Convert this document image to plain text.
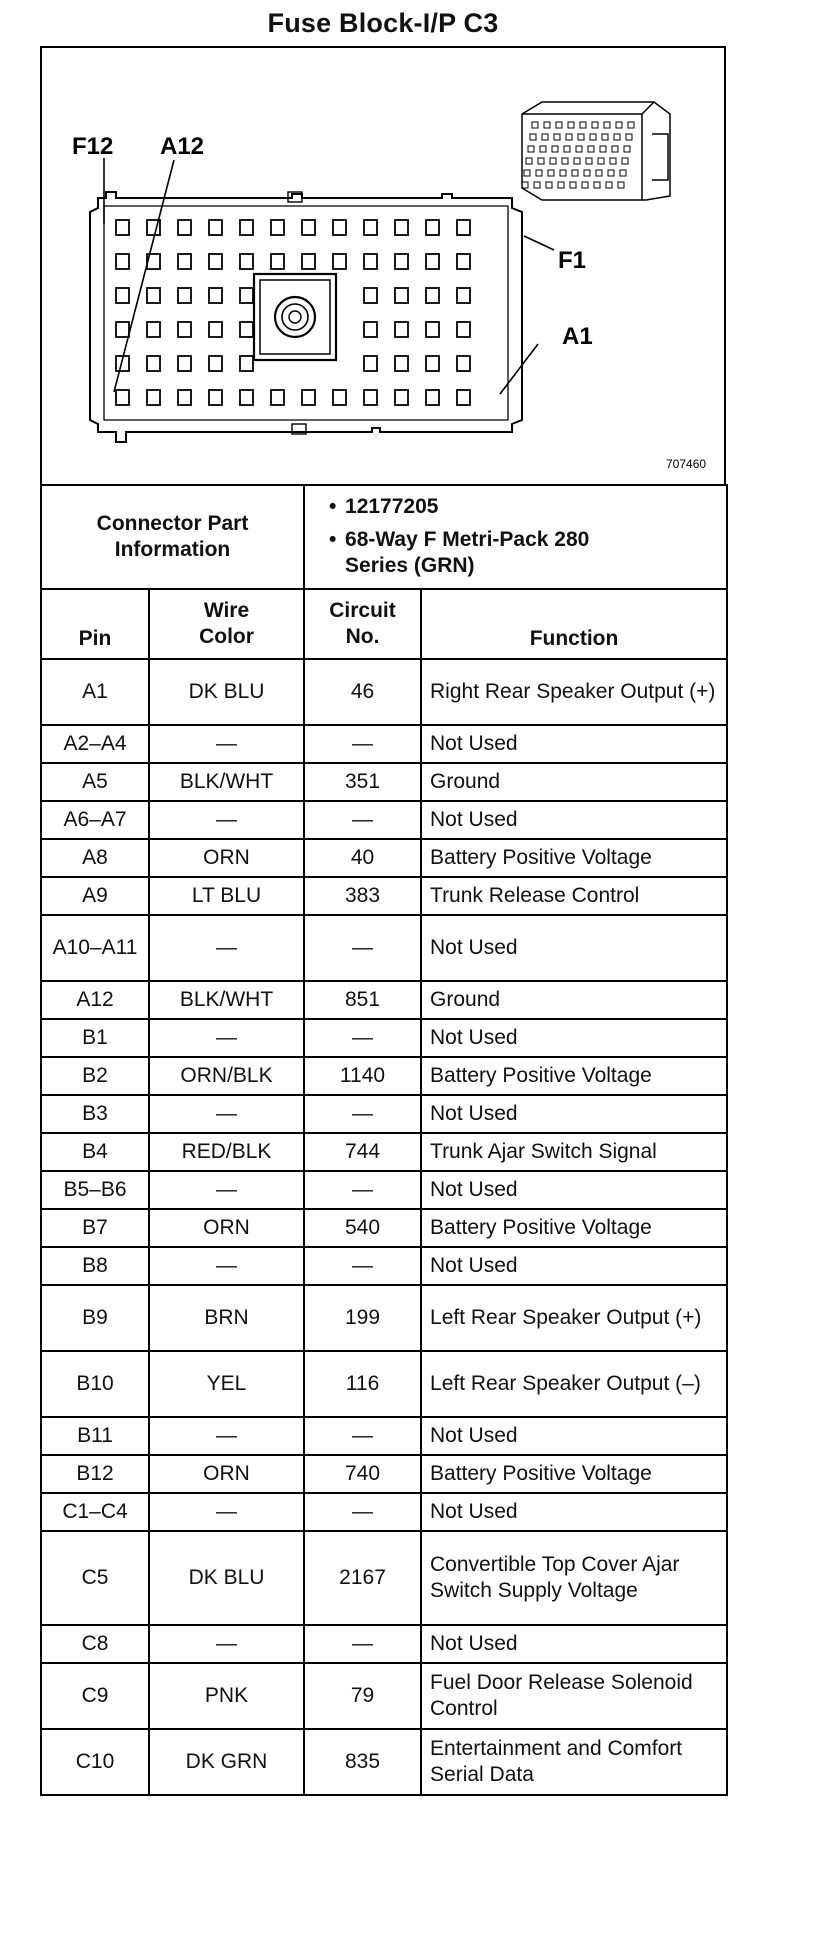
Fuse Block-I/P C3
F12 A12
F1
A1
707460
Connector Part Information		• 12177205
• 68-Way F Metri-Pack 280 Series (GRN)

Pin	Wire Color	Circuit No.	Function
A1	DK BLU	46	Right Rear Speaker Output (+)
A2–A4	—	—	Not Used
A5	BLK/WHT	351	Ground
A6–A7	—	—	Not Used
A8	ORN	40	Battery Positive Voltage
A9	LT BLU	383	Trunk Release Control
A10–A11	—	—	Not Used
A12	BLK/WHT	851	Ground
B1	—	—	Not Used
B2	ORN/BLK	1140	Battery Positive Voltage
B3	—	—	Not Used
B4	RED/BLK	744	Trunk Ajar Switch Signal
B5–B6	—	—	Not Used
B7	ORN	540	Battery Positive Voltage
B8	—	—	Not Used
B9	BRN	199	Left Rear Speaker Output (+)
B10	YEL	116	Left Rear Speaker Output (–)
B11	—	—	Not Used
B12	ORN	740	Battery Positive Voltage
C1–C4	—	—	Not Used
C5	DK BLU	2167	Convertible Top Cover Ajar Switch Supply Voltage
C8	—	—	Not Used
C9	PNK	79	Fuel Door Release Solenoid Control
C10	DK GRN	835	Entertainment and Comfort Serial Data
